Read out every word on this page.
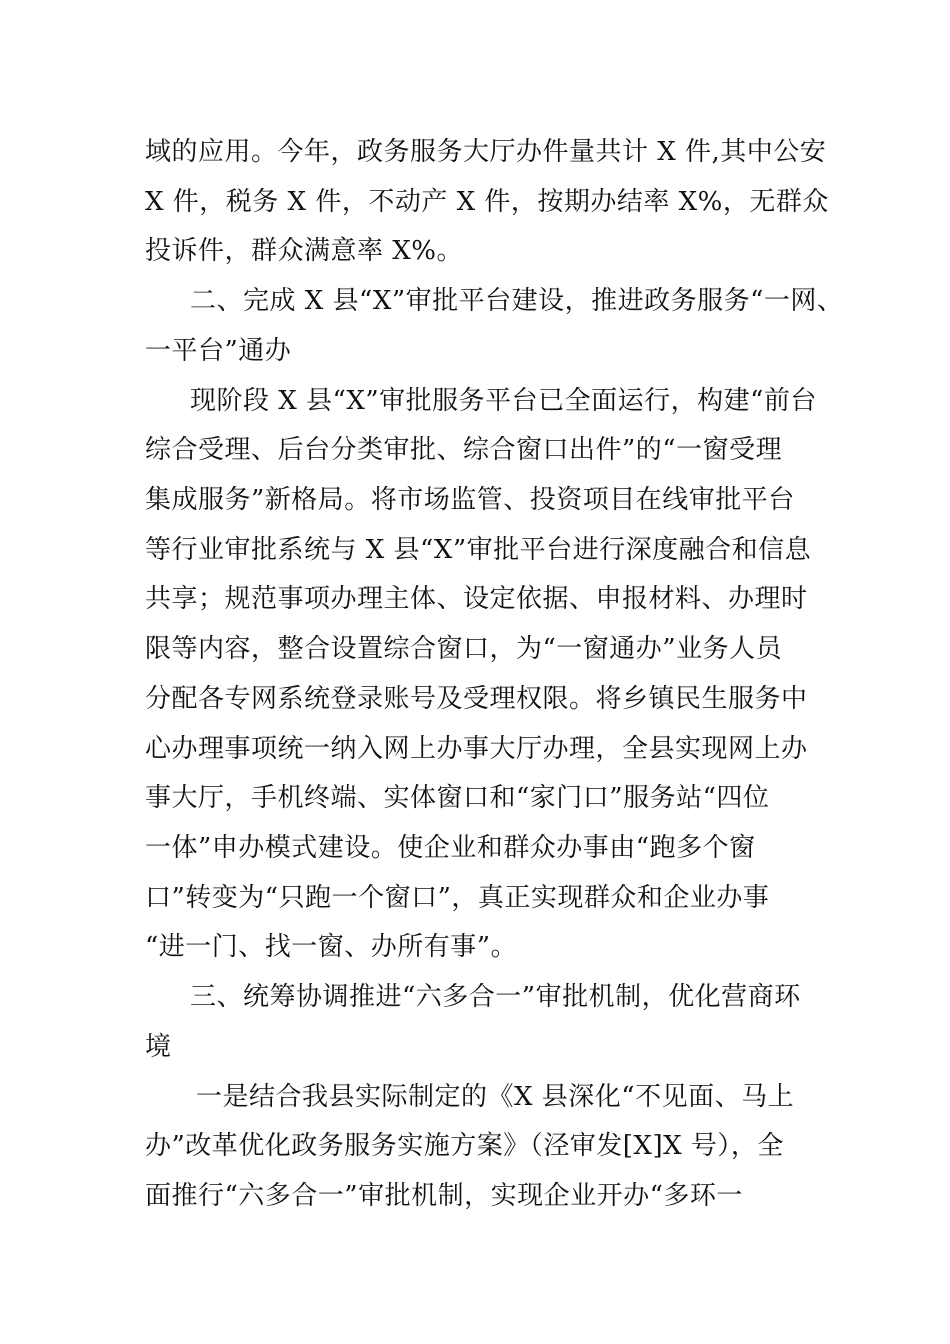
域的应用。今年，政务服务大厅办件量共计 X 件,其中公安
X 件，税务 X 件，不动产 X 件，按期办结率 X%，无群众
投诉件，群众满意率 X%。
二、完成 X 县“X”审批平台建设，推进政务服务“一网、
一平台”通办
现阶段 X 县“X”审批服务平台已全面运行，构建“前台
综合受理、后台分类审批、综合窗口出件”的“一窗受理
集成服务”新格局。将市场监管、投资项目在线审批平台
等行业审批系统与 X 县“X”审批平台进行深度融合和信息
共享；规范事项办理主体、设定依据、申报材料、办理时
限等内容，整合设置综合窗口，为“一窗通办”业务人员
分配各专网系统登录账号及受理权限。将乡镇民生服务中
心办理事项统一纳入网上办事大厅办理，全县实现网上办
事大厅，手机终端、实体窗口和“家门口”服务站“四位
一体”申办模式建设。使企业和群众办事由“跑多个窗
口”转变为“只跑一个窗口”，真正实现群众和企业办事
“进一门、找一窗、办所有事”。
三、统筹协调推进“六多合一”审批机制，优化营商环
境
一是结合我县实际制定的《X 县深化“不见面、马上
办”改革优化政务服务实施方案》（泾审发[X]X 号），全
面推行“六多合一”审批机制，实现企业开办“多环一
